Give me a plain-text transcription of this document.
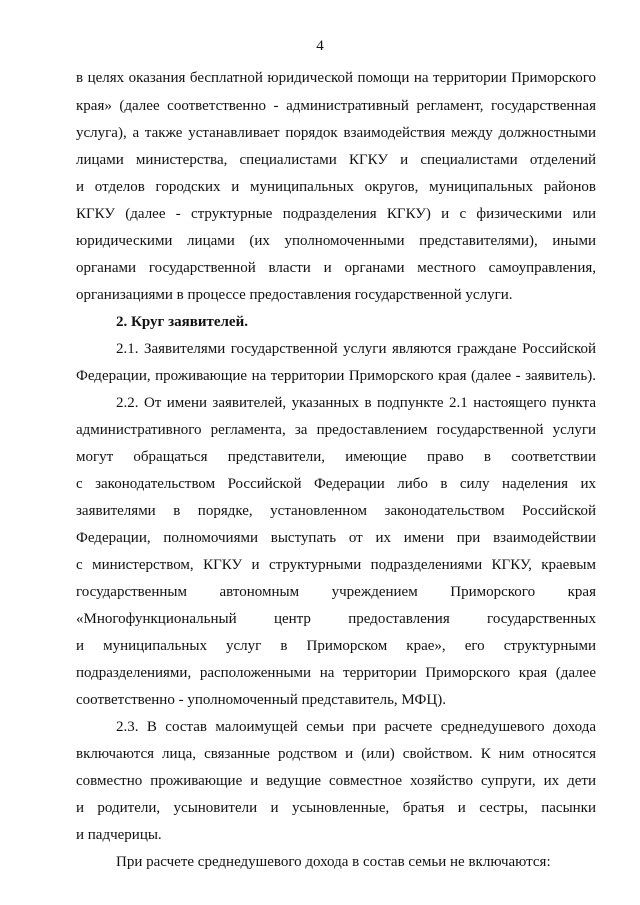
4
в целях оказания бесплатной юридической помощи на территории Приморского
края» (далее соответственно - административный регламент, государственная
услуга), а также устанавливает порядок взаимодействия между должностными
лицами министерства, специалистами КГКУ и специалистами отделений
и отделов городских и муниципальных округов, муниципальных районов
КГКУ (далее - структурные подразделения КГКУ) и с физическими или
юридическими лицами (их уполномоченными представителями), иными
органами государственной власти и органами местного самоуправления,
организациями в процессе предоставления государственной услуги.
2. Круг заявителей.
2.1. Заявителями государственной услуги являются граждане Российской
Федерации, проживающие на территории Приморского края (далее - заявитель).
2.2. От имени заявителей, указанных в подпункте 2.1 настоящего пункта
административного регламента, за предоставлением государственной услуги
могут обращаться представители, имеющие право в соответствии
с законодательством Российской Федерации либо в силу наделения их
заявителями в порядке, установленном законодательством Российской
Федерации, полномочиями выступать от их имени при взаимодействии
с министерством, КГКУ и структурными подразделениями КГКУ, краевым
государственным автономным учреждением Приморского края
«Многофункциональный центр предоставления государственных
и муниципальных услуг в Приморском крае», его структурными
подразделениями, расположенными на территории Приморского края (далее
соответственно - уполномоченный представитель, МФЦ).
2.3. В состав малоимущей семьи при расчете среднедушевого дохода
включаются лица, связанные родством и (или) свойством. К ним относятся
совместно проживающие и ведущие совместное хозяйство супруги, их дети
и родители, усыновители и усыновленные, братья и сестры, пасынки
и падчерицы.
При расчете среднедушевого дохода в состав семьи не включаются:
